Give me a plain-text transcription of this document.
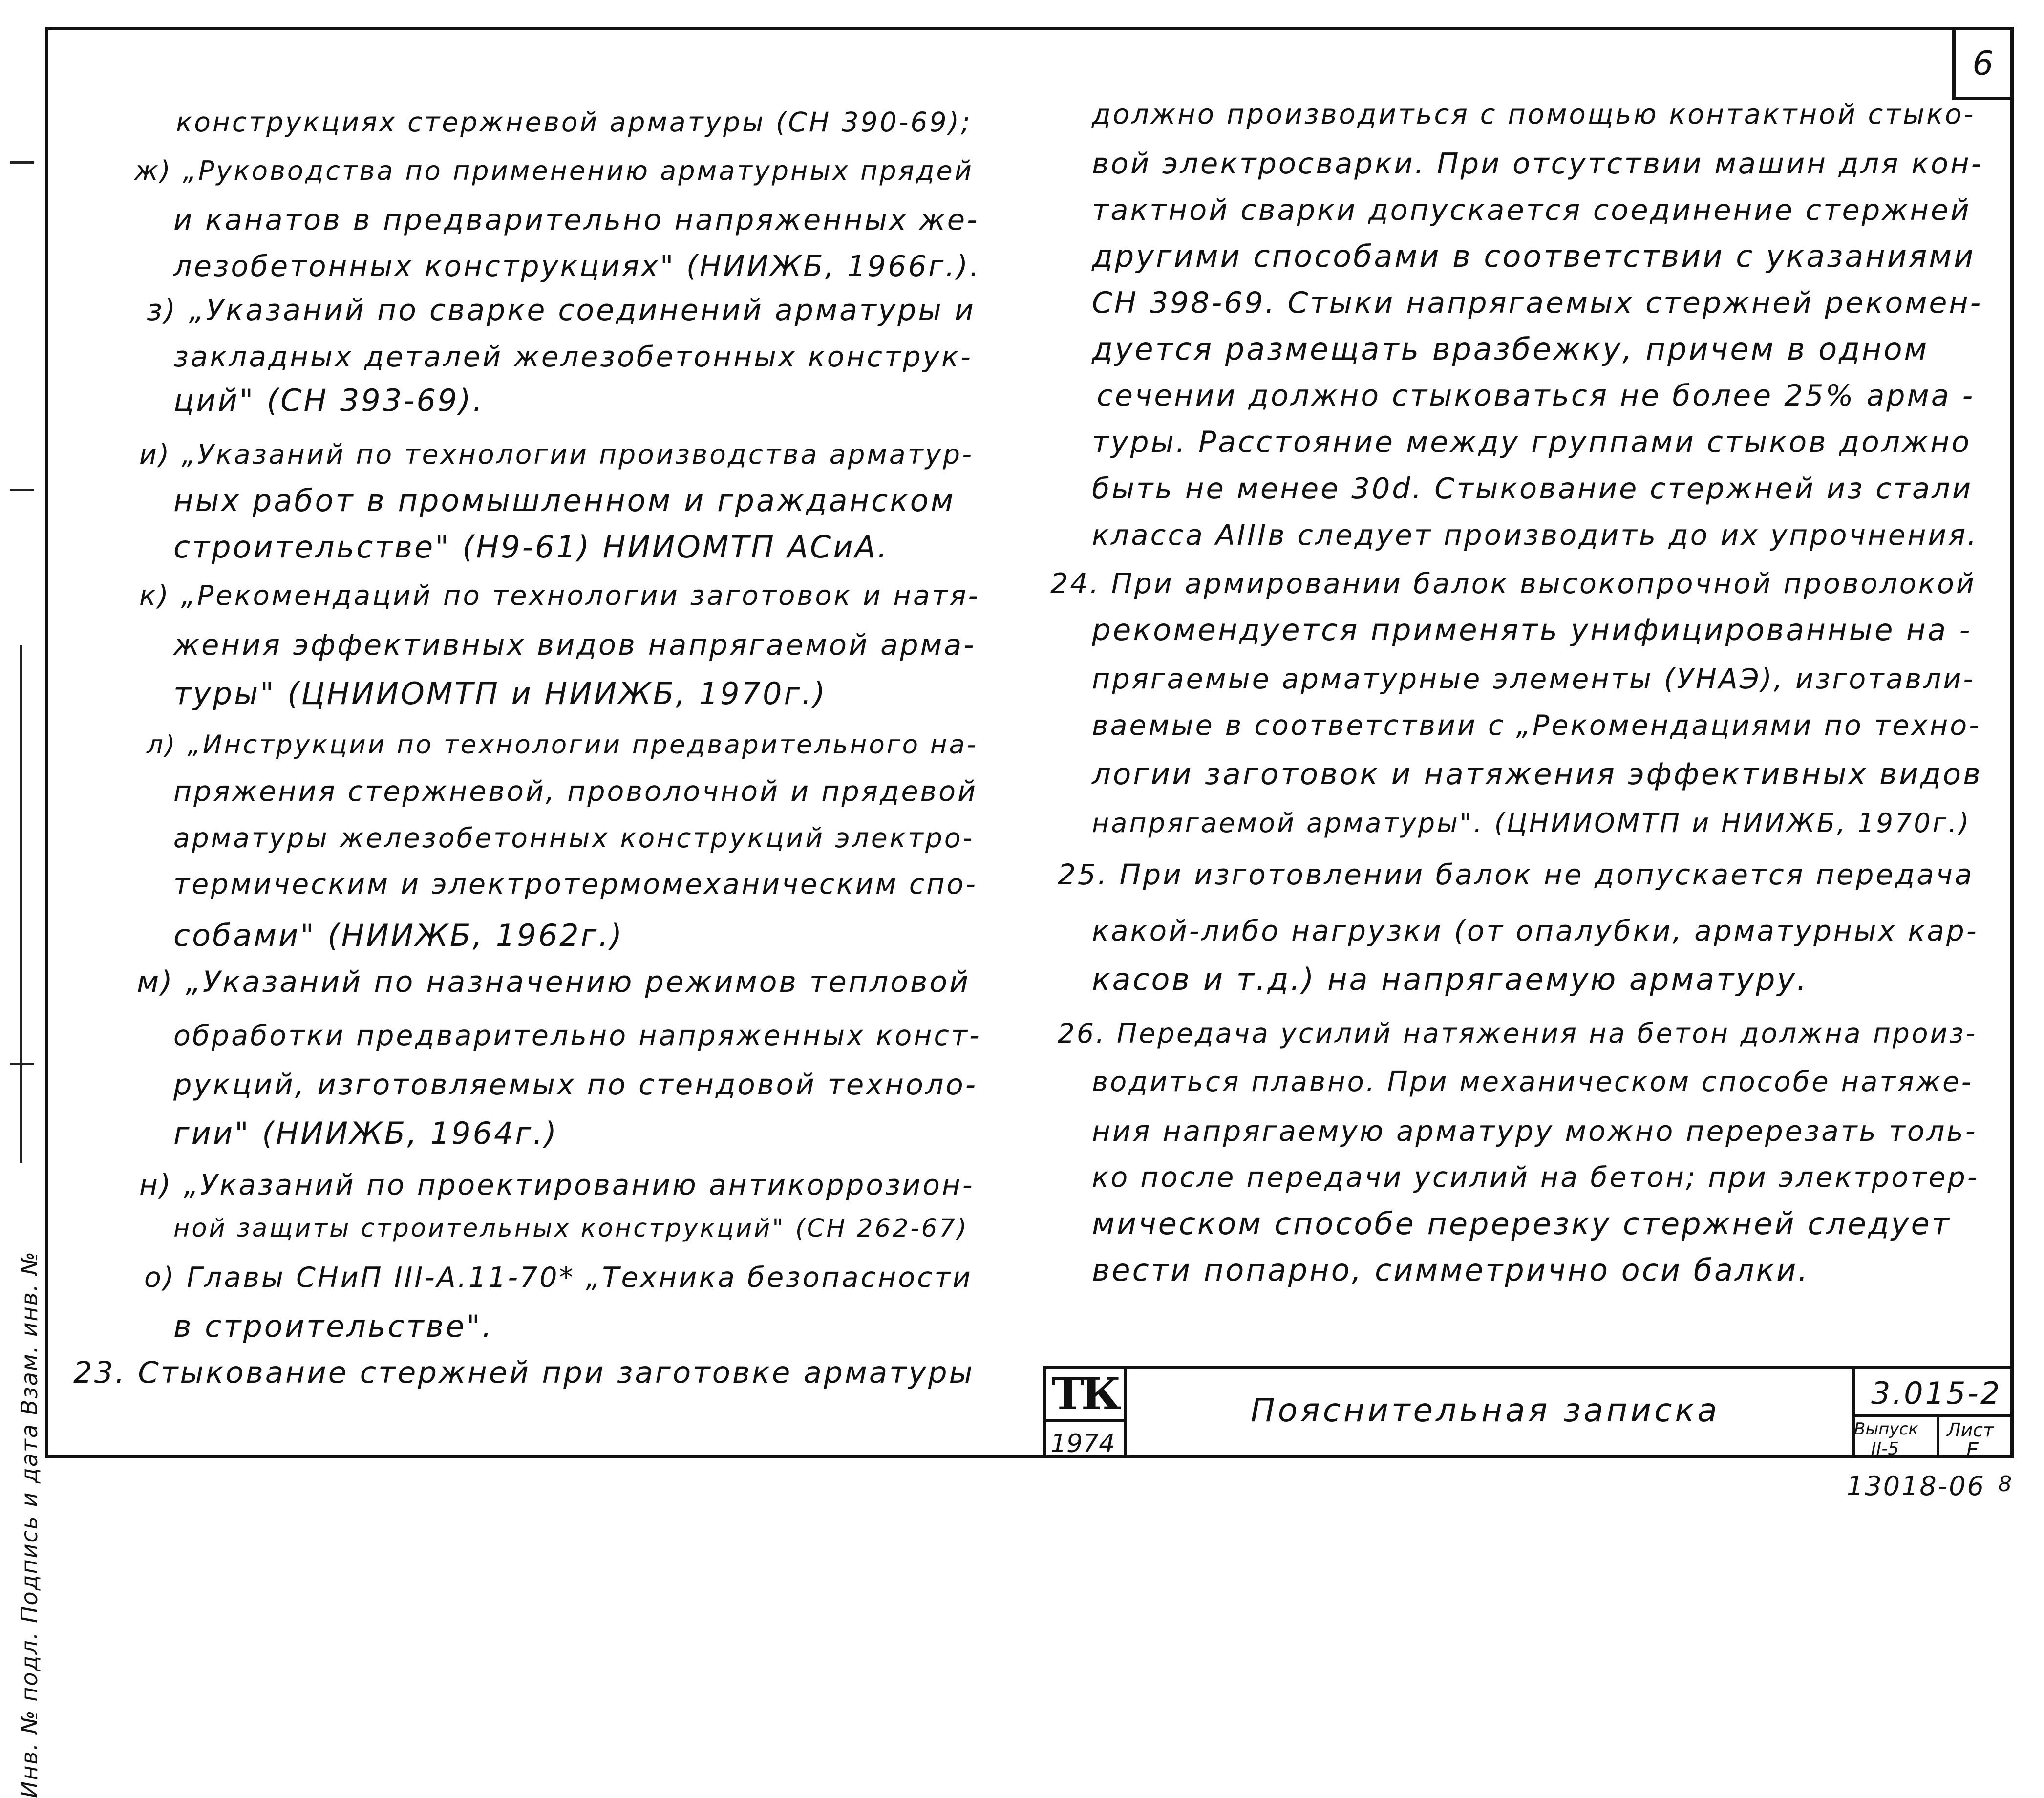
6
Инв. № подл. Подпись и дата Взам. инв. №
конструкциях стержневой арматуры (СН 390-69);
ж) „Руководства по применению арматурных прядей
и канатов в предварительно напряженных же-
лезобетонных конструкциях" (НИИЖБ, 1966г.).
з) „Указаний по сварке соединений арматуры и
закладных деталей железобетонных конструк-
ций" (СН 393-69).
и) „Указаний по технологии производства арматур-
ных работ в промышленном и гражданском
строительстве" (Н9-61) НИИОМТП АСиА.
к) „Рекомендаций по технологии заготовок и натя-
жения эффективных видов напрягаемой арма-
туры" (ЦНИИОМТП и НИИЖБ, 1970г.)
л) „Инструкции по технологии предварительного на-
пряжения стержневой, проволочной и прядевой
арматуры железобетонных конструкций электро-
термическим и электротермомеханическим спо-
собами" (НИИЖБ, 1962г.)
м) „Указаний по назначению режимов тепловой
обработки предварительно напряженных конст-
рукций, изготовляемых по стендовой техноло-
гии" (НИИЖБ, 1964г.)
н) „Указаний по проектированию антикоррозион-
ной защиты строительных конструкций" (СН 262-67)
о) Главы СНиП III-А.11-70* „Техника безопасности
в строительстве".
23. Стыкование стержней при заготовке арматуры
должно производиться с помощью контактной стыко-
вой электросварки. При отсутствии машин для кон-
тактной сварки допускается соединение стержней
другими способами в соответствии с указаниями
СН 398-69. Стыки напрягаемых стержней рекомен-
дуется размещать вразбежку, причем в одном
сечении должно стыковаться не более 25% арма -
туры. Расстояние между группами стыков должно
быть не менее 30d. Стыкование стержней из стали
класса АIIIв следует производить до их упрочнения.
24. При армировании балок высокопрочной проволокой
рекомендуется применять унифицированные на -
прягаемые арматурные элементы (УНАЭ), изготавли-
ваемые в соответствии с „Рекомендациями по техно-
логии заготовок и натяжения эффективных видов
напрягаемой арматуры". (ЦНИИОМТП и НИИЖБ, 1970г.)
25. При изготовлении балок не допускается передача
какой-либо нагрузки (от опалубки, арматурных кар-
касов и т.д.) на напрягаемую арматуру.
26. Передача усилий натяжения на бетон должна произ-
водиться плавно. При механическом способе натяже-
ния напрягаемую арматуру можно перерезать толь-
ко после передачи усилий на бетон; при электротер-
мическом способе перерезку стержней следует
вести попарно, симметрично оси балки.
ТК
1974
Пояснительная записка	3.015-2
Выпуск
II-5
Лист
Е
13018-06 8
